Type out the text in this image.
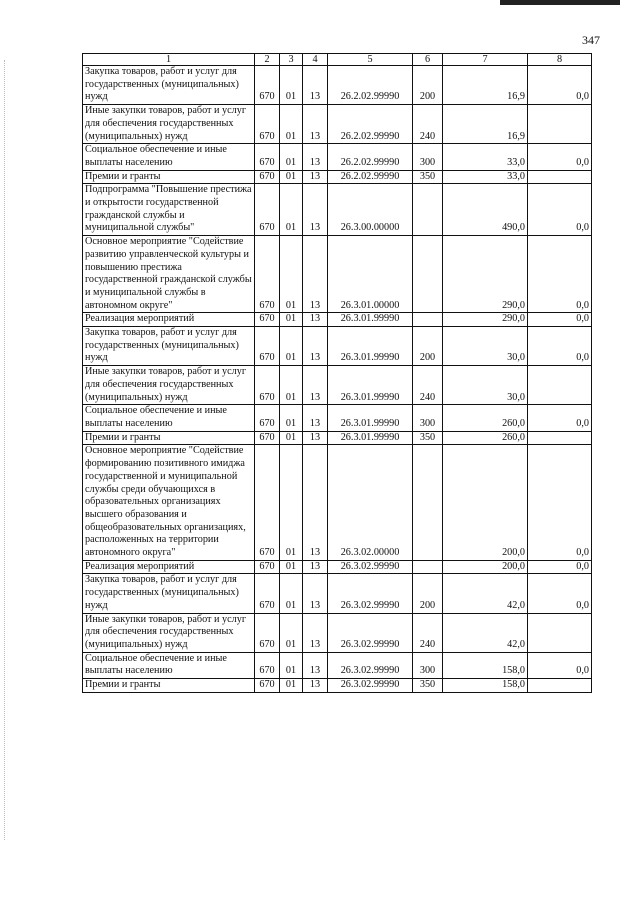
347
1	2	3	4	5	6	7	8
Закупка товаров, работ и услуг для государственных (муниципальных) нужд	670	01	13	26.2.02.99990	200	16,9	0,0
Иные закупки товаров, работ и услуг для обеспечения государственных (муниципальных) нужд	670	01	13	26.2.02.99990	240	16,9	
Социальное обеспечение и иные выплаты населению	670	01	13	26.2.02.99990	300	33,0	0,0
Премии и гранты	670	01	13	26.2.02.99990	350	33,0	
Подпрограмма "Повышение престижа и открытости государственной гражданской службы и муниципальной службы"	670	01	13	26.3.00.00000		490,0	0,0
Основное мероприятие "Содействие развитию управленческой культуры и повышению престижа государственной гражданской службы и муниципальной службы в автономном округе"	670	01	13	26.3.01.00000		290,0	0,0
Реализация мероприятий	670	01	13	26.3.01.99990		290,0	0,0
Закупка товаров, работ и услуг для государственных (муниципальных) нужд	670	01	13	26.3.01.99990	200	30,0	0,0
Иные закупки товаров, работ и услуг для обеспечения государственных (муниципальных) нужд	670	01	13	26.3.01.99990	240	30,0	
Социальное обеспечение и иные выплаты населению	670	01	13	26.3.01.99990	300	260,0	0,0
Премии и гранты	670	01	13	26.3.01.99990	350	260,0	
Основное мероприятие "Содействие формированию позитивного имиджа государственной и муниципальной службы среди обучающихся в образовательных организациях высшего образования и общеобразовательных организациях, расположенных на территории автономного округа"	670	01	13	26.3.02.00000		200,0	0,0
Реализация мероприятий	670	01	13	26.3.02.99990		200,0	0,0
Закупка товаров, работ и услуг для государственных (муниципальных) нужд	670	01	13	26.3.02.99990	200	42,0	0,0
Иные закупки товаров, работ и услуг для обеспечения государственных (муниципальных) нужд	670	01	13	26.3.02.99990	240	42,0	
Социальное обеспечение и иные выплаты населению	670	01	13	26.3.02.99990	300	158,0	0,0
Премии и гранты	670	01	13	26.3.02.99990	350	158,0	
